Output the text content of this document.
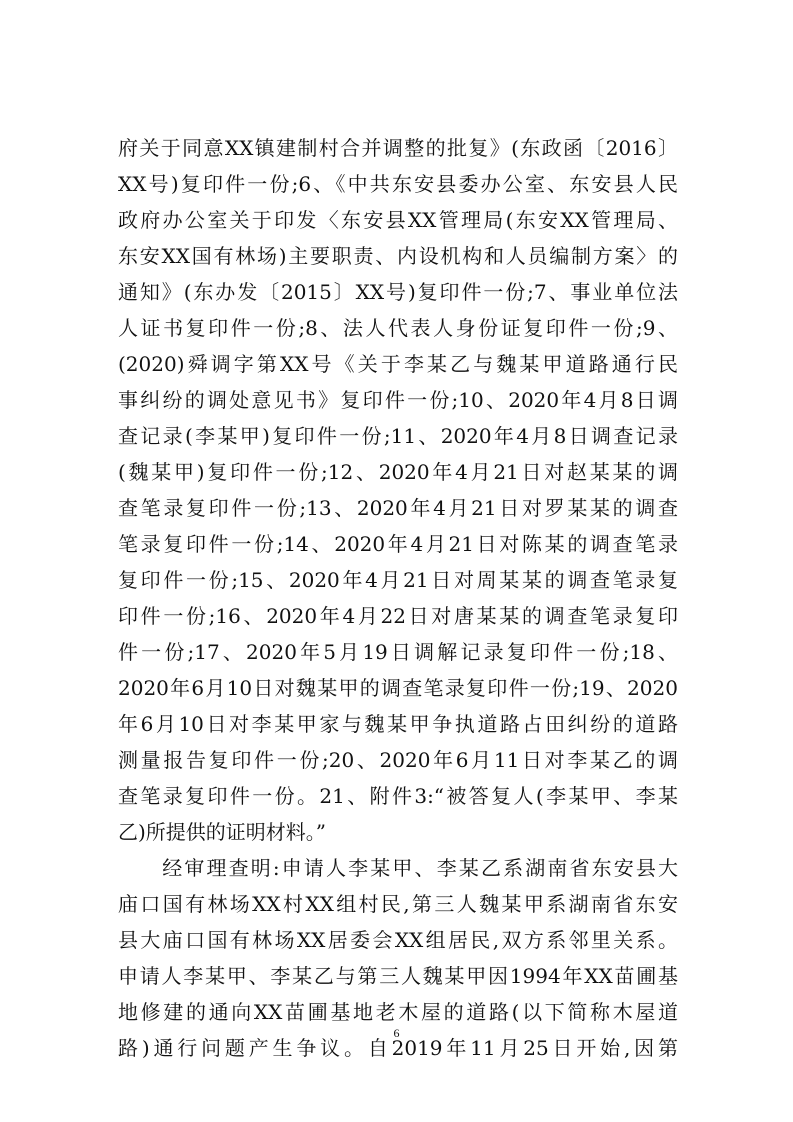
府关于同意XX镇建制村合并调整的批复》(东政函〔2016〕
XX号)复印件一份;6、《中共东安县委办公室、东安县人民
政府办公室关于印发〈东安县XX管理局(东安XX管理局、
东安XX国有林场)主要职责、内设机构和人员编制方案〉的
通知》(东办发〔2015〕XX号)复印件一份;7、事业单位法
人证书复印件一份;8、法人代表人身份证复印件一份;9、
(2020)舜调字第XX号《关于李某乙与魏某甲道路通行民
事纠纷的调处意见书》复印件一份;10、2020年4月8日调
查记录(李某甲)复印件一份;11、2020年4月8日调查记录
(魏某甲)复印件一份;12、2020年4月21日对赵某某的调
查笔录复印件一份;13、2020年4月21日对罗某某的调查
笔录复印件一份;14、2020年4月21日对陈某的调查笔录
复印件一份;15、2020年4月21日对周某某的调查笔录复
印件一份;16、2020年4月22日对唐某某的调查笔录复印
件一份;17、2020年5月19日调解记录复印件一份;18、
2020年6月10日对魏某甲的调查笔录复印件一份;19、2020
年6月10日对李某甲家与魏某甲争执道路占田纠纷的道路
测量报告复印件一份;20、2020年6月11日对李某乙的调
查笔录复印件一份。21、附件3:“被答复人(李某甲、李某
乙)所提供的证明材料。”
　　经审理查明:申请人李某甲、李某乙系湖南省东安县大
庙口国有林场XX村XX组村民,第三人魏某甲系湖南省东安
县大庙口国有林场XX居委会XX组居民,双方系邻里关系。
申请人李某甲、李某乙与第三人魏某甲因1994年XX苗圃基
地修建的通向XX苗圃基地老木屋的道路(以下简称木屋道
路)通行问题产生争议。自2019年11月25日开始,因第
6
